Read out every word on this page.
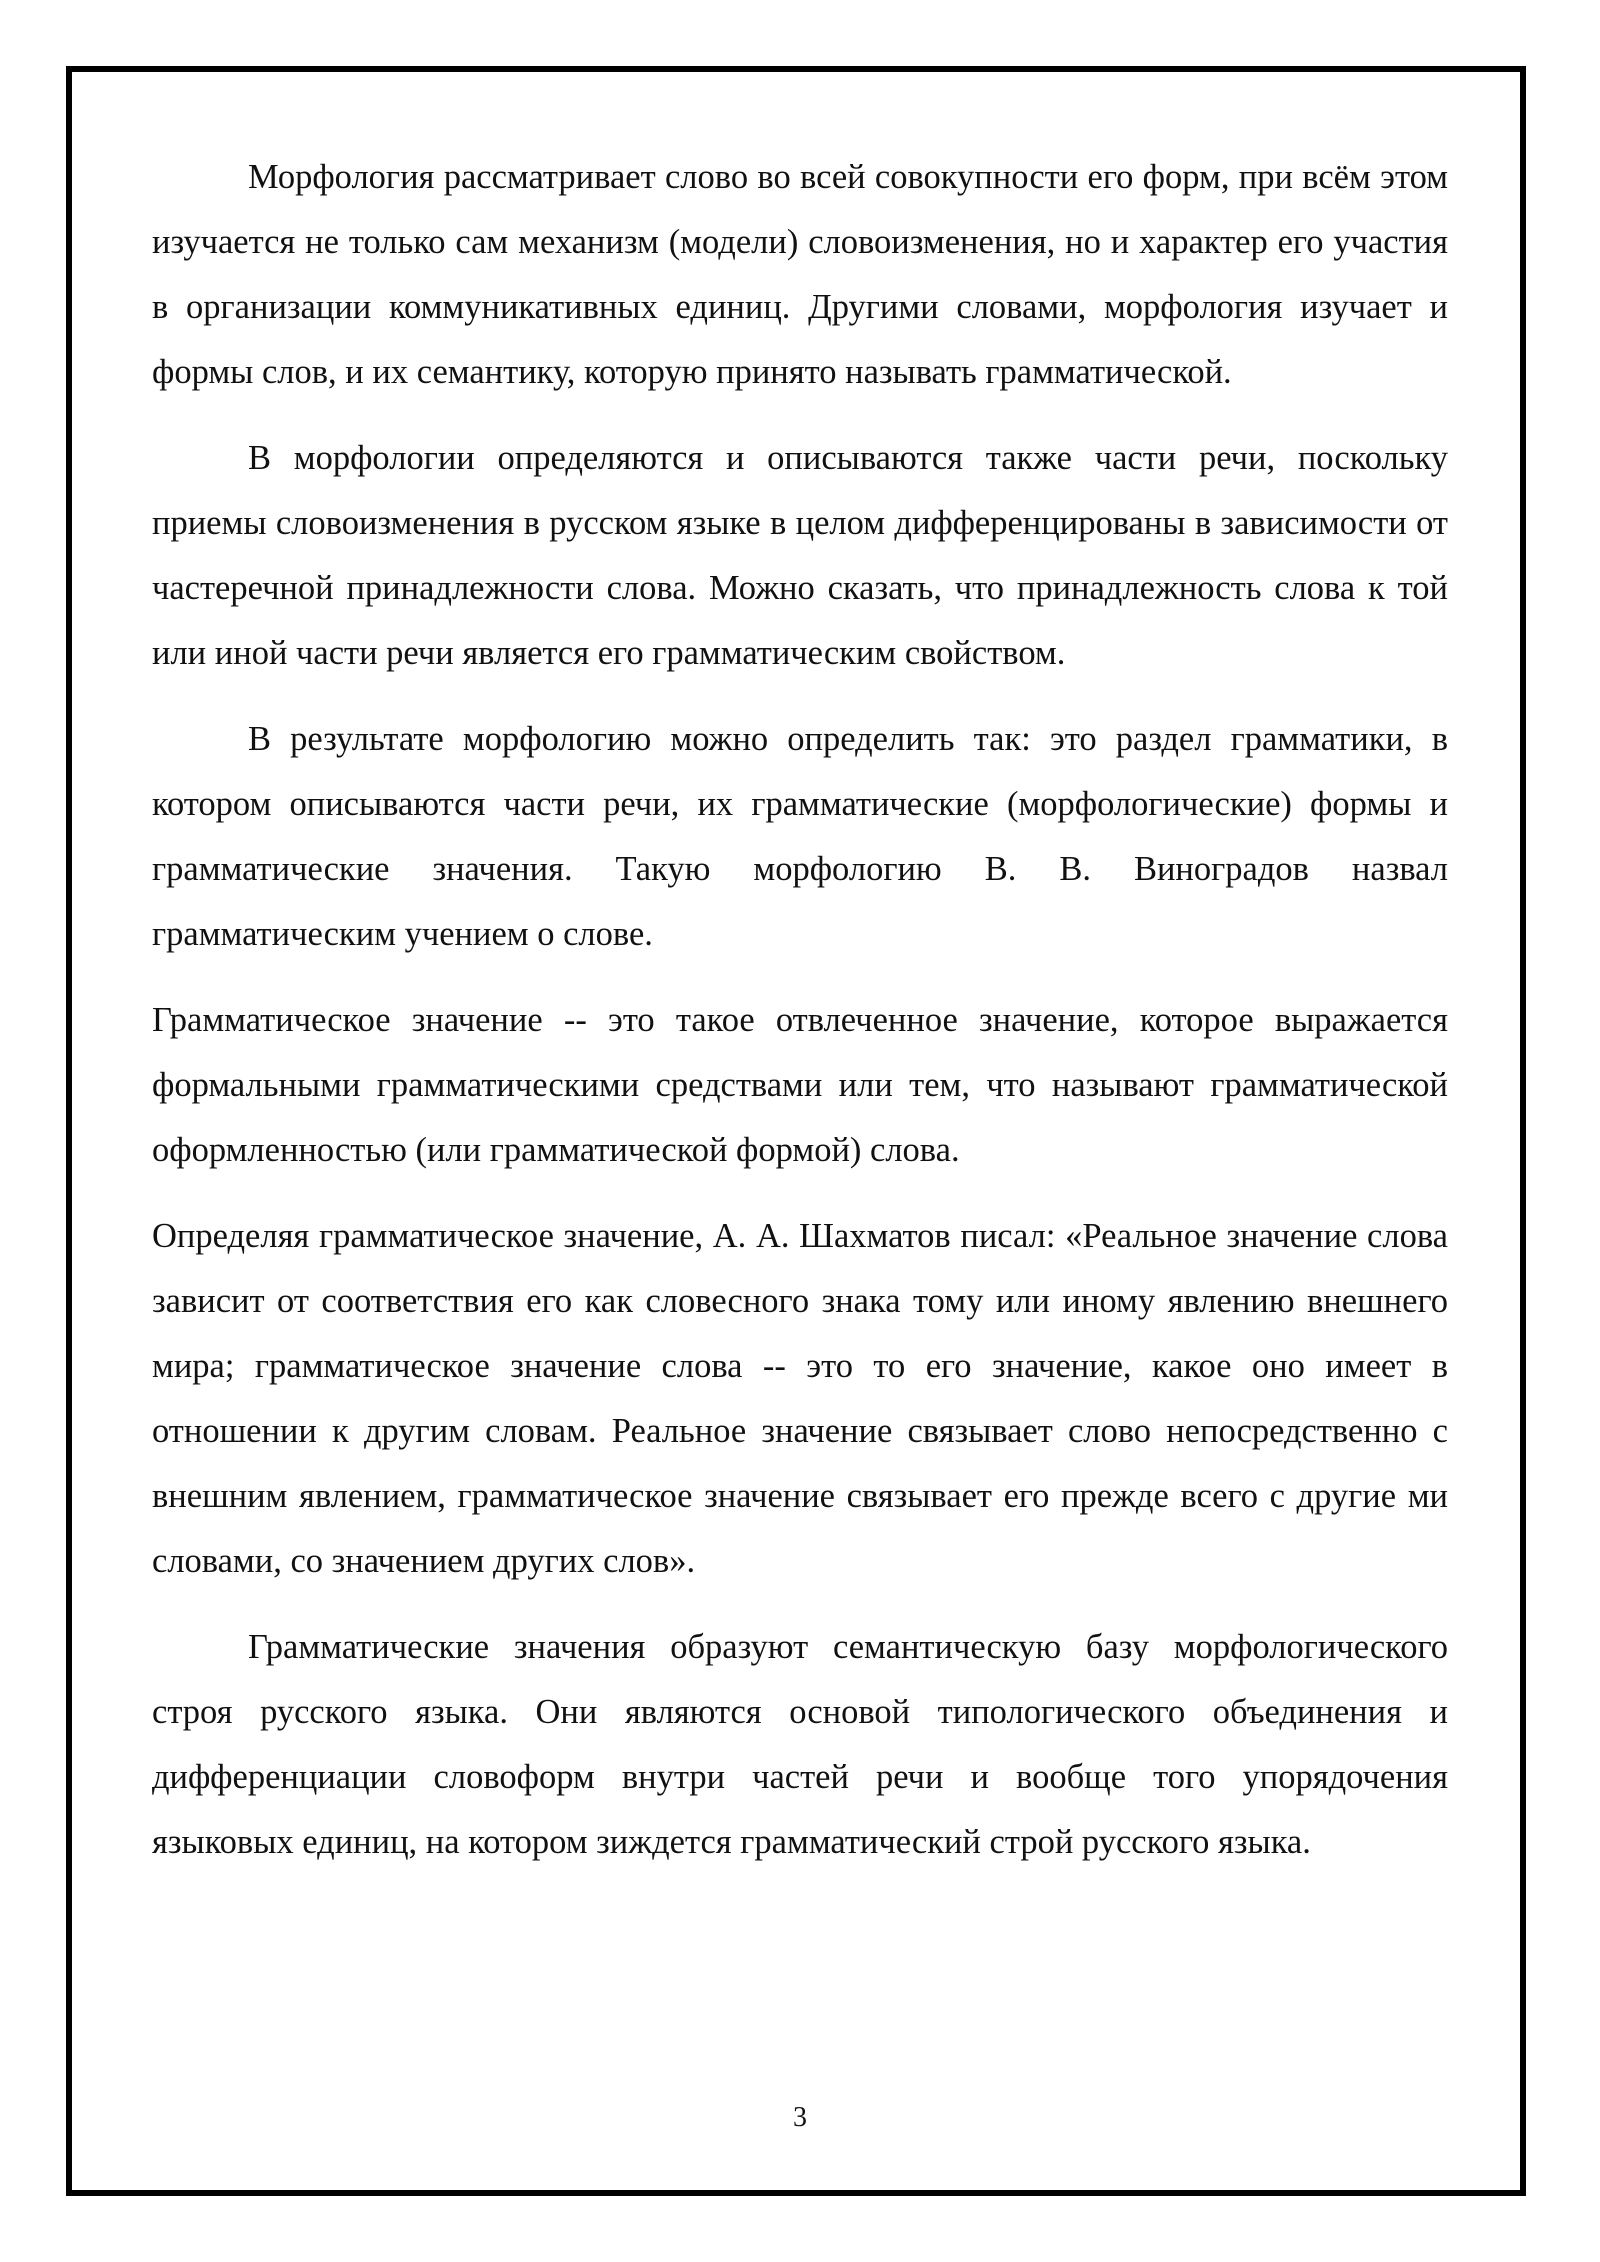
Морфология рассматривает слово во всей совокупности его форм, при всём этом изучается не только сам механизм (модели) словоизменения, но и характер его участия в организации коммуникативных единиц. Другими словами, морфология изучает и формы слов, и их семантику, которую принято называть грамматической.

В морфологии определяются и описываются также части речи, поскольку приемы словоизменения в русском языке в целом дифференцированы в зависимости от частеречной принадлежности слова. Можно сказать, что принадлежность слова к той или иной части речи является его грамматическим свойством.

В результате морфологию можно определить так: это раздел грамматики, в котором описываются части речи, их грамматические (морфологические) формы и грамматические значения. Такую морфологию В. В. Виноградов назвал грамматическим учением о слове.

Грамматическое значение -- это такое отвлеченное значение, которое выражается формальными грамматическими средствами или тем, что называют грамматической оформленностью (или грамматической формой) слова.

Определяя грамматическое значение, А. А. Шахматов писал: «Реальное значение слова зависит от соответствия его как словесного знака тому или иному явлению внешнего мира; грамматическое значение слова -- это то его значение, какое оно имеет в отношении к другим словам. Реальное значение связывает слово непосредственно с внешним явлением, грамматическое значение связывает его прежде всего с другие ми словами, со значением других слов».

Грамматические значения образуют семантическую базу морфологического строя русского языка. Они являются основой типологического объединения и дифференциации словоформ внутри частей речи и вообще того упорядочения языковых единиц, на котором зиждется грамматический строй русского языка.

3
